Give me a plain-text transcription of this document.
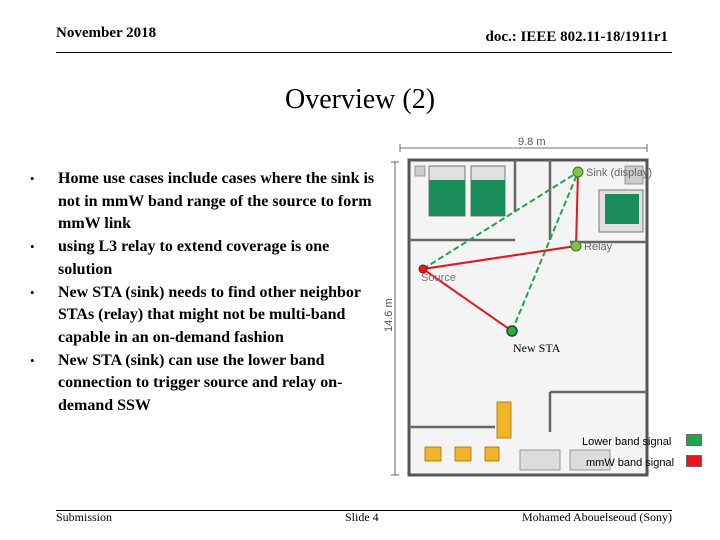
November 2018	doc.: IEEE 802.11-18/1911r1
Overview (2)
• Home use cases include cases where the sink is not in mmW band range of the source to form mmW link
• using L3 relay to extend coverage is one solution
• New STA (sink) needs to find other neighbor STAs (relay) that might not be multi-band capable in an on-demand fashion
• New STA (sink) can use the lower band connection to trigger source and relay on-demand SSW
9.8 m
14.6 m
Sink (display)
Relay
Source
New STA
Lower band signal
mmW band signal
Submission	Slide 4	Mohamed Abouelseoud (Sony)
